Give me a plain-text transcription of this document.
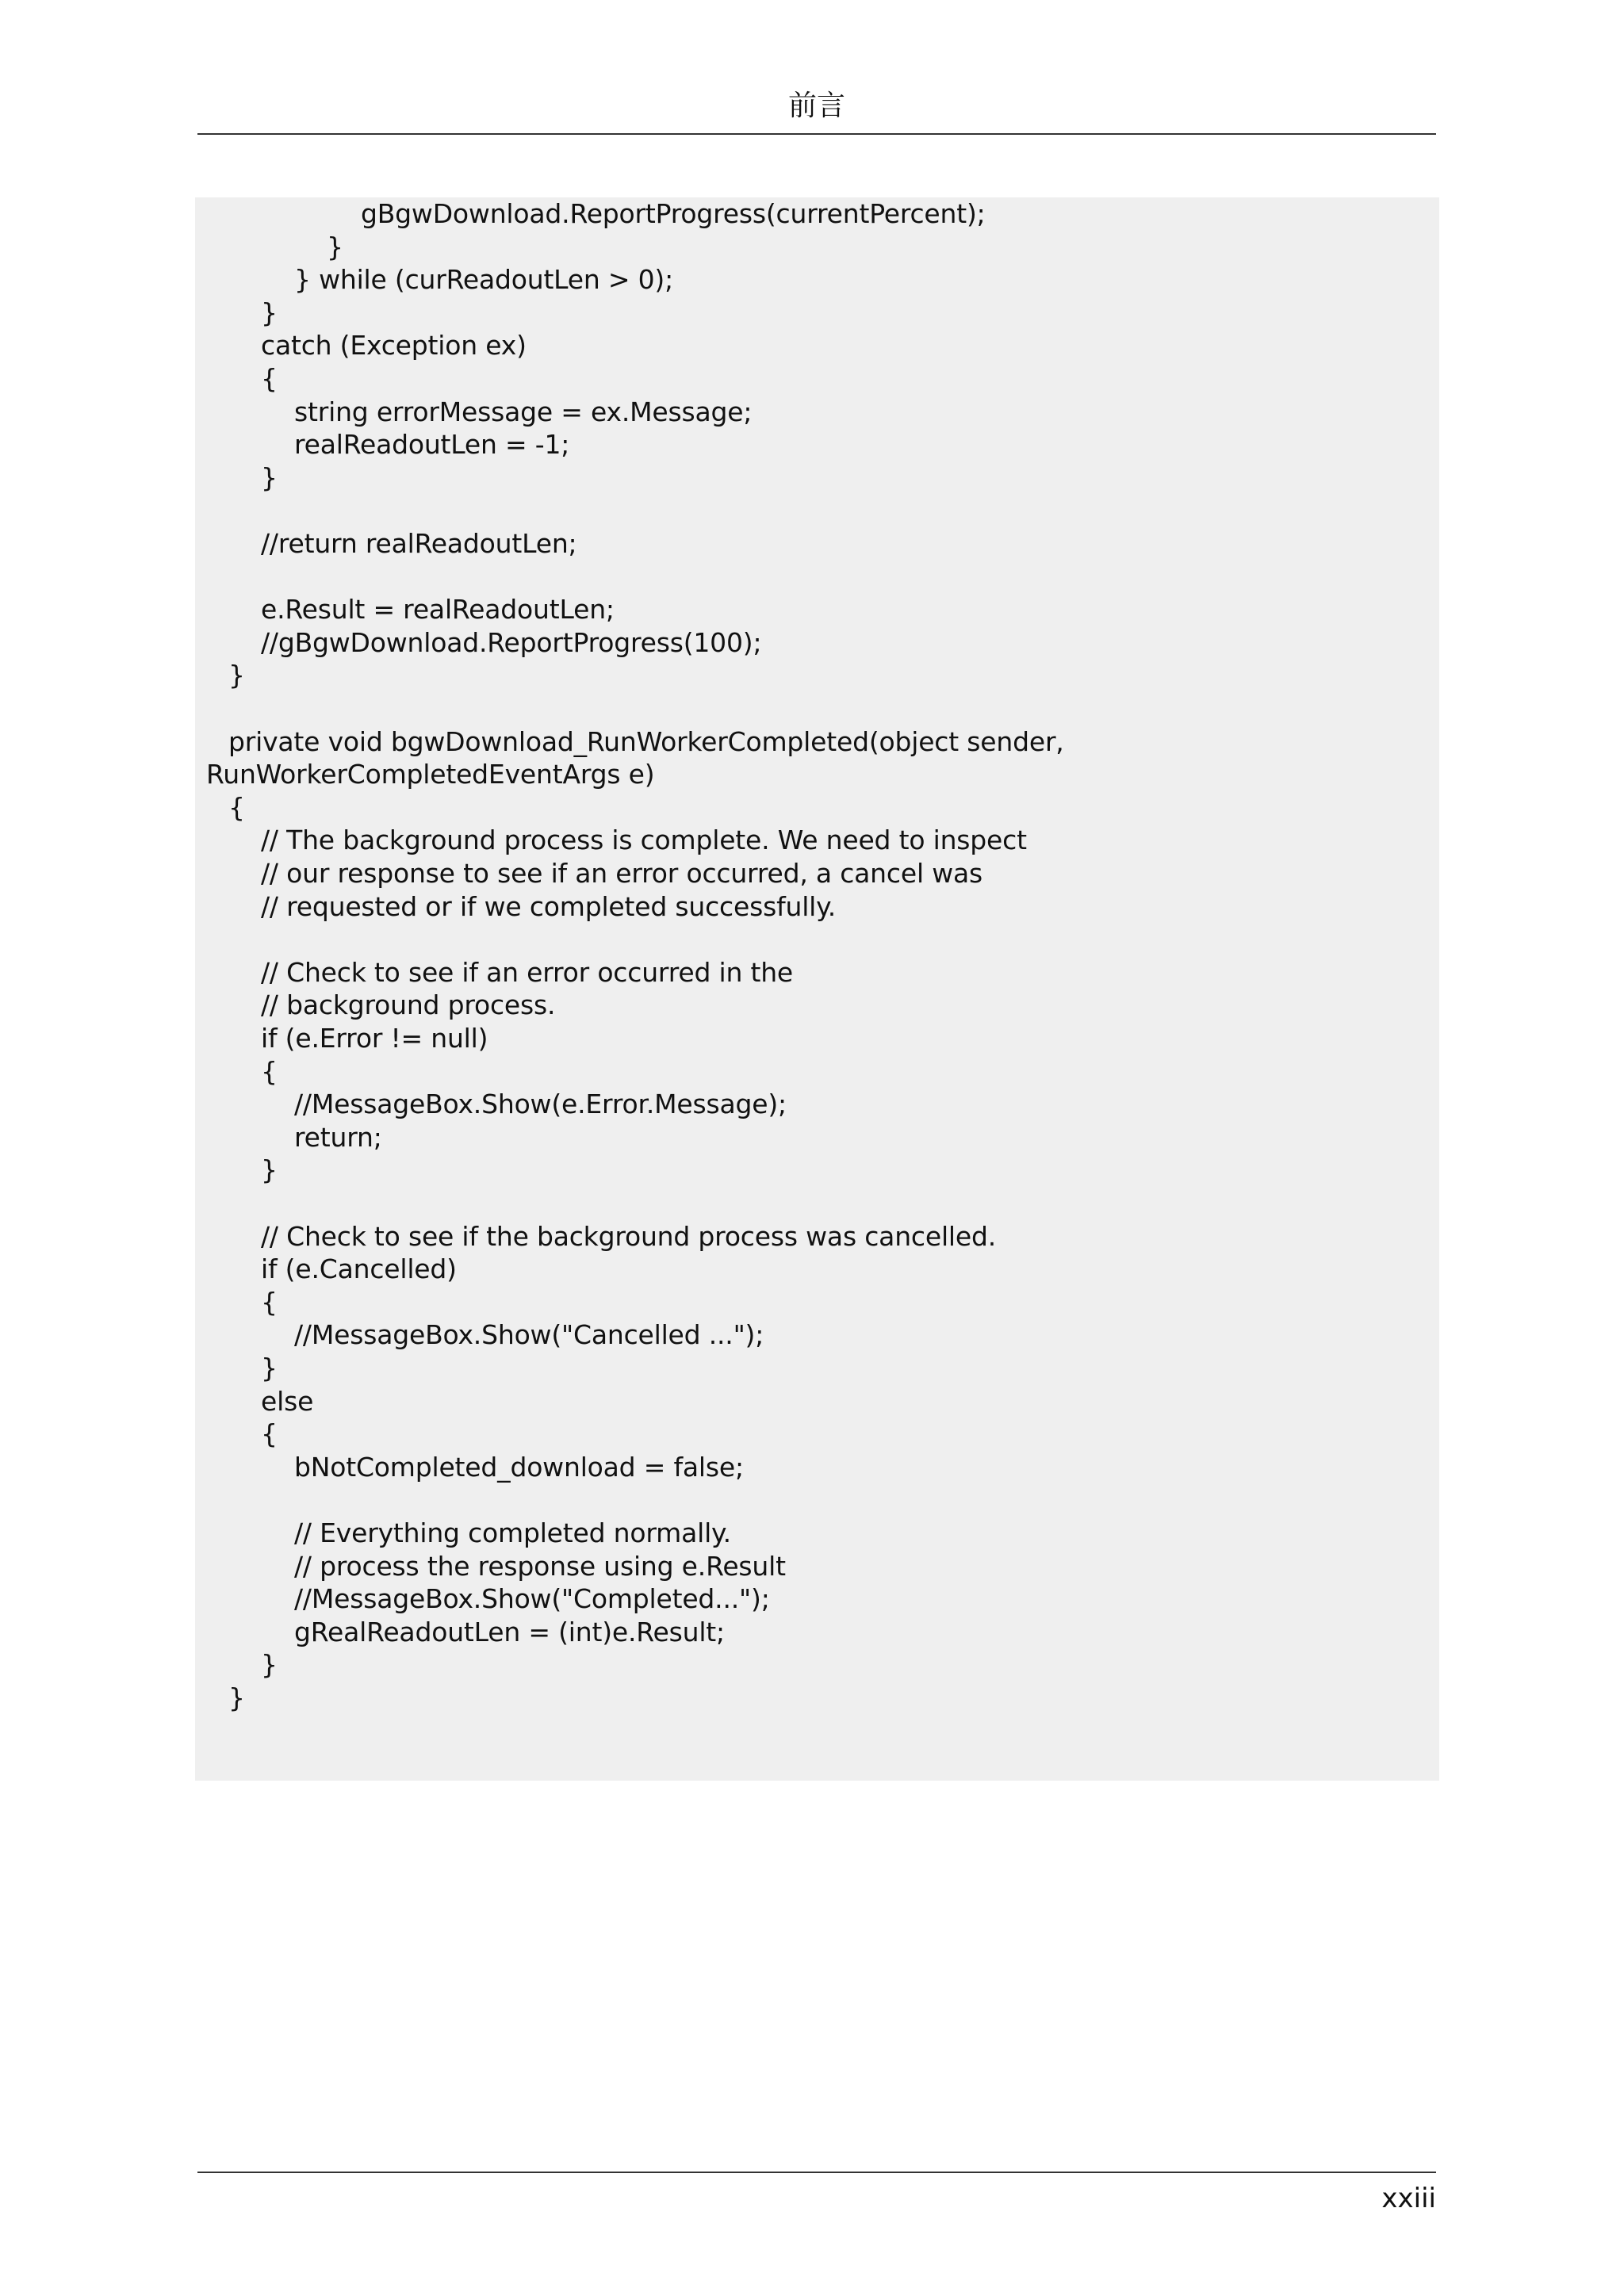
前言
gBgwDownload.ReportProgress(currentPercent);
}
} while (curReadoutLen > 0);
}
catch (Exception ex)
{
string errorMessage = ex.Message;
realReadoutLen = -1;
}
//return realReadoutLen;
e.Result = realReadoutLen;
//gBgwDownload.ReportProgress(100);
}
private void bgwDownload_RunWorkerCompleted(object sender,
RunWorkerCompletedEventArgs e)
{
// The background process is complete. We need to inspect
// our response to see if an error occurred, a cancel was
// requested or if we completed successfully.
// Check to see if an error occurred in the
// background process.
if (e.Error != null)
{
//MessageBox.Show(e.Error.Message);
return;
}
// Check to see if the background process was cancelled.
if (e.Cancelled)
{
//MessageBox.Show("Cancelled ...");
}
else
{
bNotCompleted_download = false;
// Everything completed normally.
// process the response using e.Result
//MessageBox.Show("Completed...");
gRealReadoutLen = (int)e.Result;
}
}
xxiii
